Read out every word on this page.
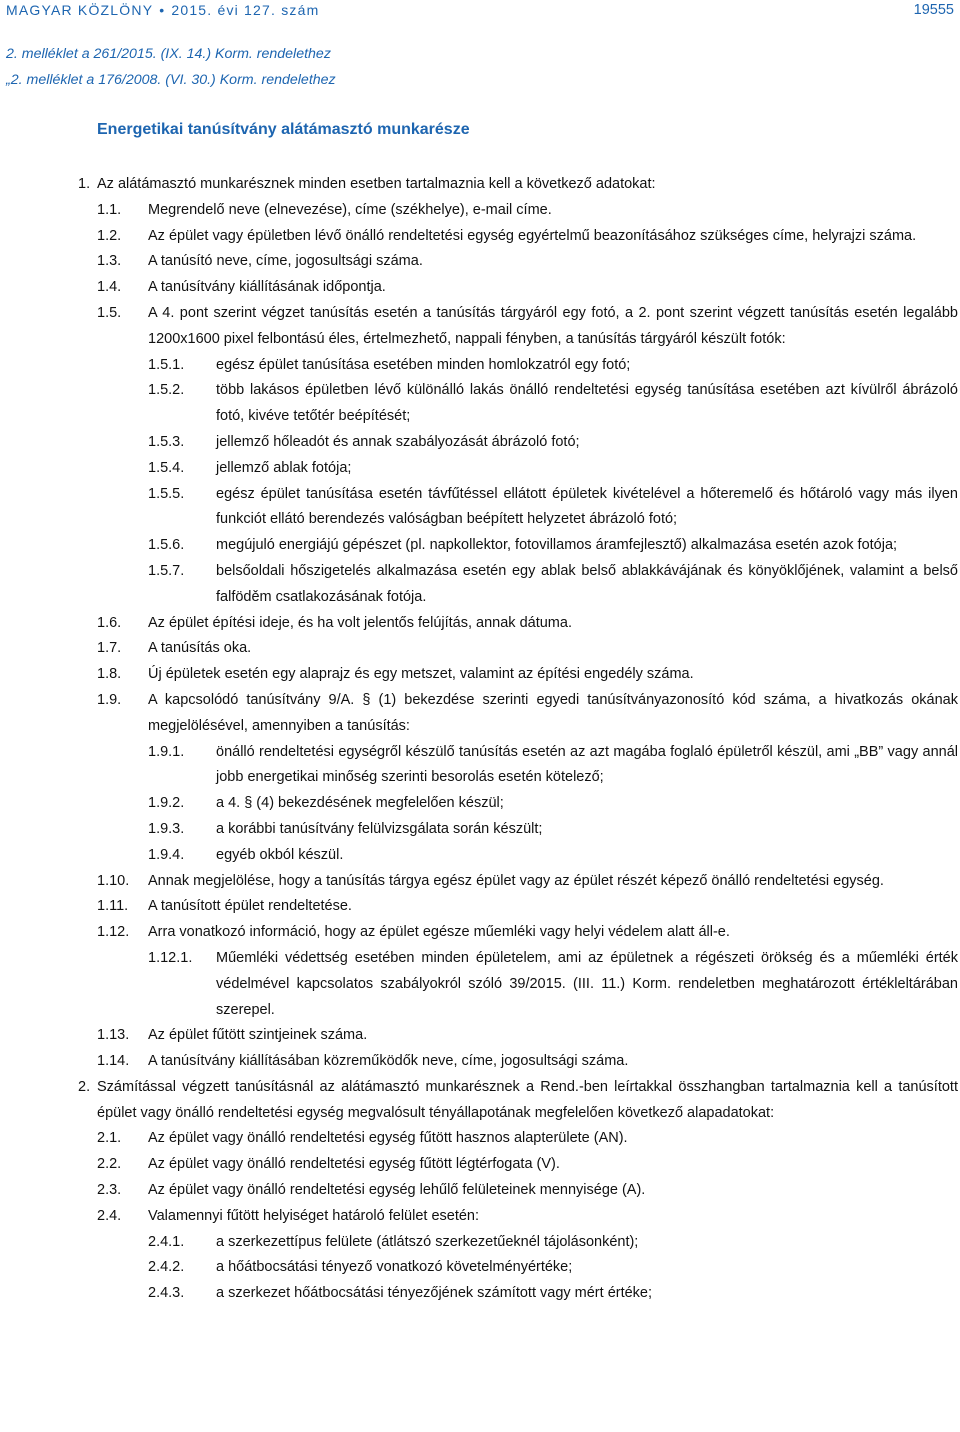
MAGYAR KÖZLÖNY • 2015. évi 127. szám	19555
2. melléklet a 261/2015. (IX. 14.) Korm. rendelethez
„2. melléklet a 176/2008. (VI. 30.) Korm. rendelethez
Energetikai tanúsítvány alátámasztó munkarésze
1. Az alátámasztó munkarésznek minden esetben tartalmaznia kell a következő adatokat:
1.1. Megrendelő neve (elnevezése), címe (székhelye), e-mail címe.
1.2. Az épület vagy épületben lévő önálló rendeltetési egység egyértelmű beazonításához szükséges címe, helyrajzi száma.
1.3. A tanúsító neve, címe, jogosultsági száma.
1.4. A tanúsítvány kiállításának időpontja.
1.5. A 4. pont szerint végzet tanúsítás esetén a tanúsítás tárgyáról egy fotó, a 2. pont szerint végzett tanúsítás esetén legalább 1200x1600 pixel felbontású éles, értelmezhető, nappali fényben, a tanúsítás tárgyáról készült fotók:
1.5.1. egész épület tanúsítása esetében minden homlokzatról egy fotó;
1.5.2. több lakásos épületben lévő különálló lakás önálló rendeltetési egység tanúsítása esetében azt kívülről ábrázoló fotó, kivéve tetőtér beépítését;
1.5.3. jellemző hőleadót és annak szabályozását ábrázoló fotó;
1.5.4. jellemző ablak fotója;
1.5.5. egész épület tanúsítása esetén távfűtéssel ellátott épületek kivételével a hőteremelő és hőtároló vagy más ilyen funkciót ellátó berendezés valóságban beépített helyzetet ábrázoló fotó;
1.5.6. megújuló energiájú gépészet (pl. napkollektor, fotovillamos áramfejlesztő) alkalmazása esetén azok fotója;
1.5.7. belsőoldali hőszigetelés alkalmazása esetén egy ablak belső ablakkávájának és könyöklőjének, valamint a belső falföděm csatlakozásának fotója.
1.6. Az épület építési ideje, és ha volt jelentős felújítás, annak dátuma.
1.7. A tanúsítás oka.
1.8. Új épületek esetén egy alaprajz és egy metszet, valamint az építési engedély száma.
1.9. A kapcsolódó tanúsítvány 9/A. § (1) bekezdése szerinti egyedi tanúsítványazonosító kód száma, a hivatkozás okának megjelölésével, amennyiben a tanúsítás:
1.9.1. önálló rendeltetési egységről készülő tanúsítás esetén az azt magába foglaló épületről készül, ami „BB” vagy annál jobb energetikai minőség szerinti besorolás esetén kötelező;
1.9.2. a 4. § (4) bekezdésének megfelelően készül;
1.9.3. a korábbi tanúsítvány felülvizsgálata során készült;
1.9.4. egyéb okból készül.
1.10. Annak megjelölése, hogy a tanúsítás tárgya egész épület vagy az épület részét képező önálló rendeltetési egység.
1.11. A tanúsított épület rendeltetése.
1.12. Arra vonatkozó információ, hogy az épület egésze műemléki vagy helyi védelem alatt áll-e.
1.12.1. Műemléki védettség esetében minden épületelem, ami az épületnek a régészeti örökség és a műemléki érték védelmével kapcsolatos szabályokról szóló 39/2015. (III. 11.) Korm. rendeletben meghatározott értékleltárában szerepel.
1.13. Az épület fűtött szintjeinek száma.
1.14. A tanúsítvány kiállításában közreműködők neve, címe, jogosultsági száma.
2. Számítással végzett tanúsításnál az alátámasztó munkarésznek a Rend.-ben leírtakkal összhangban tartalmaznia kell a tanúsított épület vagy önálló rendeltetési egység megvalósult tényállapotának megfelelően következő alapadatokat:
2.1. Az épület vagy önálló rendeltetési egység fűtött hasznos alapterülete (AN).
2.2. Az épület vagy önálló rendeltetési egység fűtött légtérfogata (V).
2.3. Az épület vagy önálló rendeltetési egység lehűlő felületeinek mennyisége (A).
2.4. Valamennyi fűtött helyiséget határoló felület esetén:
2.4.1. a szerkezettípus felülete (átlátszó szerkezetűeknél tájolásonként);
2.4.2. a hőátbocsátási tényező vonatkozó követelményértéke;
2.4.3. a szerkezet hőátbocsátási tényezőjének számított vagy mért értéke;
